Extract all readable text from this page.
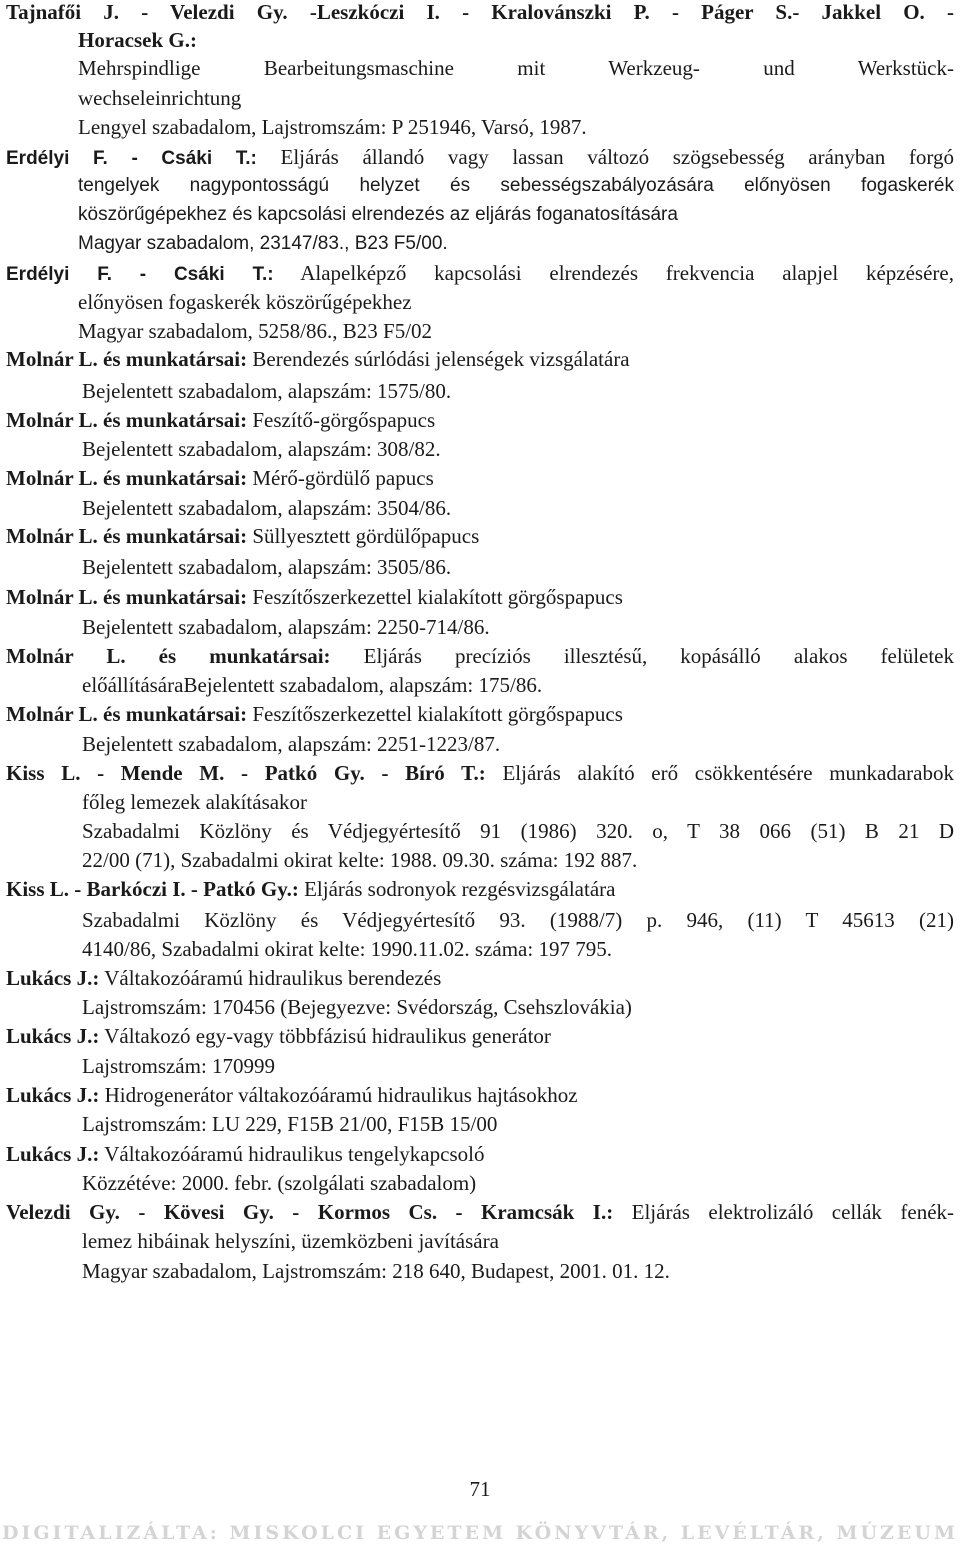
Tajnafői J. - Velezdi Gy. -Leszkóczi I. - Kralovánszki P. - Páger S.- Jakkel O. -
Horacsek G.:
Mehrspindlige Bearbeitungsmaschine mit Werkzeug- und Werkstück-
wechseleinrichtung
Lengyel szabadalom, Lajstromszám: P 251946, Varsó, 1987.
Erdélyi F. - Csáki T.: Eljárás állandó vagy lassan változó szögsebesség arányban forgó
tengelyek nagypontosságú helyzet és sebességszabályozására előnyösen fogaskerék
köszörűgépekhez és kapcsolási elrendezés az eljárás foganatosítására
Magyar szabadalom, 23147/83., B23 F5/00.
Erdélyi F. - Csáki T.: Alapelképző kapcsolási elrendezés frekvencia alapjel képzésére,
előnyösen fogaskerék köszörűgépekhez
Magyar szabadalom, 5258/86., B23 F5/02
Molnár L. és munkatársai: Berendezés súrlódási jelenségek vizsgálatára
Bejelentett szabadalom, alapszám: 1575/80.
Molnár L. és munkatársai: Feszítő-görgőspapucs
Bejelentett szabadalom, alapszám: 308/82.
Molnár L. és munkatársai: Mérő-gördülő papucs
Bejelentett szabadalom, alapszám: 3504/86.
Molnár L. és munkatársai: Süllyesztett gördülőpapucs
Bejelentett szabadalom, alapszám: 3505/86.
Molnár L. és munkatársai: Feszítőszerkezettel kialakított görgőspapucs
Bejelentett szabadalom, alapszám: 2250-714/86.
Molnár L. és munkatársai: Eljárás precíziós illesztésű, kopásálló alakos felületek
előállításáraBejelentett szabadalom, alapszám: 175/86.
Molnár L. és munkatársai: Feszítőszerkezettel kialakított görgőspapucs
Bejelentett szabadalom, alapszám: 2251-1223/87.
Kiss L. - Mende M. - Patkó Gy. - Bíró T.: Eljárás alakító erő csökkentésére munkadarabok
főleg lemezek alakításakor
Szabadalmi Közlöny és Védjegyértesítő 91 (1986) 320. o, T 38 066 (51) B 21 D
22/00 (71), Szabadalmi okirat kelte: 1988. 09.30. száma: 192 887.
Kiss L. - Barkóczi I. - Patkó Gy.: Eljárás sodronyok rezgésvizsgálatára
Szabadalmi Közlöny és Védjegyértesítő 93. (1988/7) p. 946, (11) T 45613 (21)
4140/86, Szabadalmi okirat kelte: 1990.11.02. száma: 197 795.
Lukács J.: Váltakozóáramú hidraulikus berendezés
Lajstromszám: 170456 (Bejegyezve: Svédország, Csehszlovákia)
Lukács J.: Váltakozó egy-vagy többfázisú hidraulikus generátor
Lajstromszám: 170999
Lukács J.: Hidrogenerátor váltakozóáramú hidraulikus hajtásokhoz
Lajstromszám: LU 229, F15B 21/00, F15B 15/00
Lukács J.: Váltakozóáramú hidraulikus tengelykapcsoló
Közzétéve: 2000. febr. (szolgálati szabadalom)
Velezdi Gy. - Kövesi Gy. - Kormos Cs. - Kramcsák I.: Eljárás elektrolizáló cellák fenék-
lemez hibáinak helyszíni, üzemközbeni javítására
Magyar szabadalom, Lajstromszám: 218 640, Budapest, 2001. 01. 12.
71
DIGITALIZÁLTA: MISKOLCI EGYETEM KÖNYVTÁR, LEVÉLTÁR, MÚZEUM
